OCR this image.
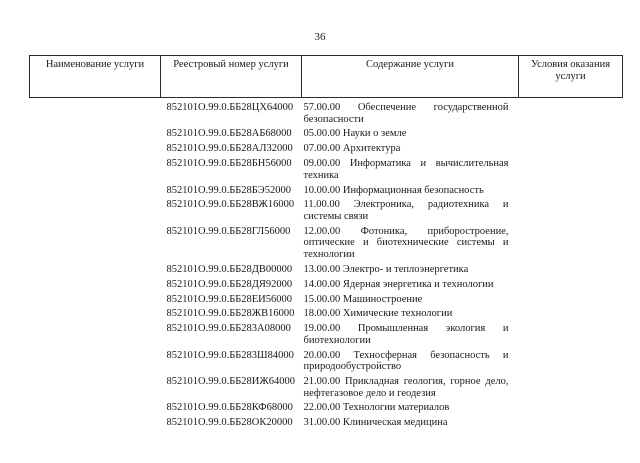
36
Наименование услуги	Реестровый номер услуги	Содержание услуги	Условия оказания услуги

	852101О.99.0.ББ28ЦХ64000	57.00.00 Обеспечение государственной безопасности	
	852101О.99.0.ББ28АБ68000	05.00.00 Науки о земле	
	852101О.99.0.ББ28АЛ32000	07.00.00 Архитектура	
	852101О.99.0.ББ28БН56000	09.00.00 Информатика и вычислительная техника	
	852101О.99.0.ББ28БЭ52000	10.00.00 Информационная безопасность	
	852101О.99.0.ББ28ВЖ16000	11.00.00 Электроника, радиотехника и системы связи	
	852101О.99.0.ББ28ГЛ56000	12.00.00 Фотоника, приборостроение, оптические и биотехнические системы и технологии	
	852101О.99.0.ББ28ДВ00000	13.00.00 Электро- и теплоэнергетика	
	852101О.99.0.ББ28ДЯ92000	14.00.00 Ядерная энергетика и технологии	
	852101О.99.0.ББ28ЕИ56000	15.00.00 Машиностроение	
	852101О.99.0.ББ28ЖВ16000	18.00.00 Химические технологии	
	852101О.99.0.ББ283А08000	19.00.00 Промышленная экология и биотехнологии	
	852101О.99.0.ББ283Ш84000	20.00.00 Техносферная безопасность и природообустройство	
	852101О.99.0.ББ28ИЖ64000	21.00.00 Прикладная геология, горное дело, нефтегазовое дело и геодезия	
	852101О.99.0.ББ28КФ68000	22.00.00 Технологии материалов	
	852101О.99.0.ББ28ОК20000	31.00.00 Клиническая медицина	
